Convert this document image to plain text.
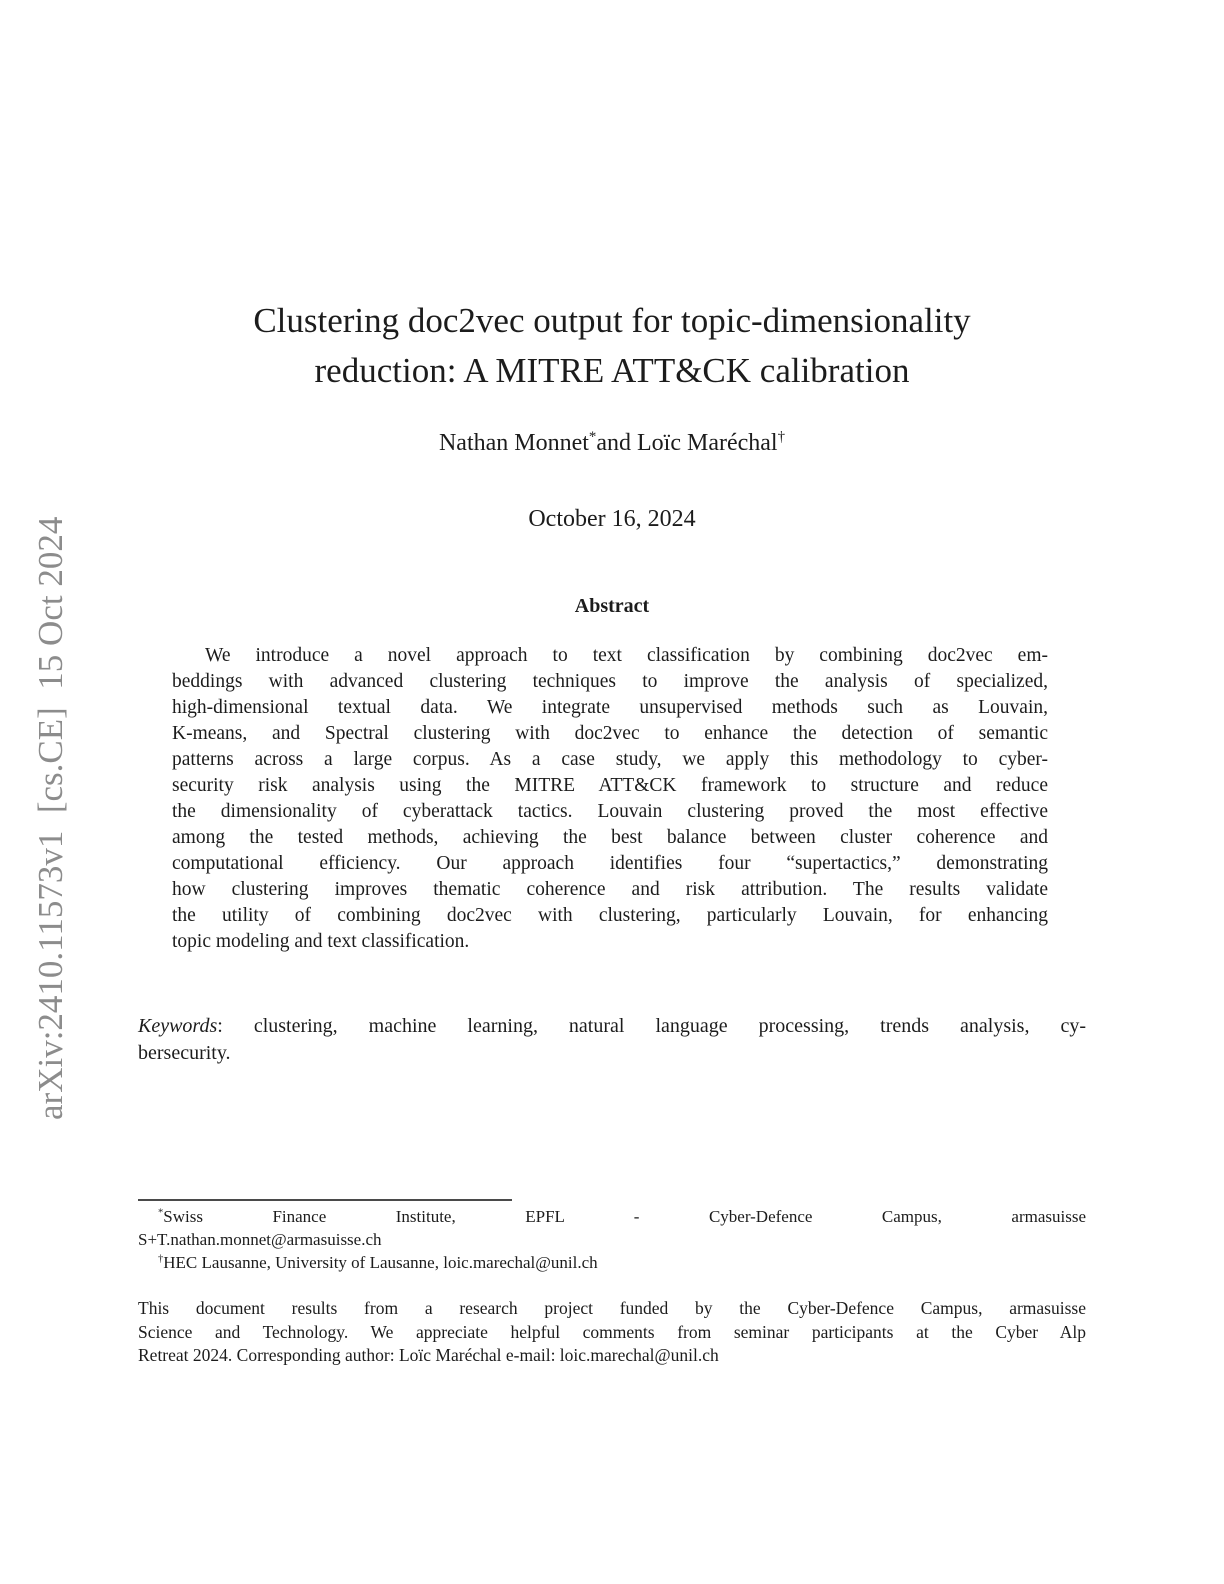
arXiv:2410.11573v1  [cs.CE]  15 Oct 2024
Clustering doc2vec output for topic-dimensionality
reduction: A MITRE ATT&CK calibration
Nathan Monnet*and Loïc Maréchal†
October 16, 2024
Abstract
We introduce a novel approach to text classification by combining doc2vec em-
beddings with advanced clustering techniques to improve the analysis of specialized,
high-dimensional textual data. We integrate unsupervised methods such as Louvain,
K-means, and Spectral clustering with doc2vec to enhance the detection of semantic
patterns across a large corpus. As a case study, we apply this methodology to cyber-
security risk analysis using the MITRE ATT&CK framework to structure and reduce
the dimensionality of cyberattack tactics. Louvain clustering proved the most effective
among the tested methods, achieving the best balance between cluster coherence and
computational efficiency. Our approach identifies four “supertactics,” demonstrating
how clustering improves thematic coherence and risk attribution. The results validate
the utility of combining doc2vec with clustering, particularly Louvain, for enhancing
topic modeling and text classification.
Keywords: clustering, machine learning, natural language processing, trends analysis, cy-
bersecurity.
*Swiss Finance Institute, EPFL - Cyber-Defence Campus, armasuisse
S+T.nathan.monnet@armasuisse.ch
†HEC Lausanne, University of Lausanne, loic.marechal@unil.ch
This document results from a research project funded by the Cyber-Defence Campus, armasuisse
Science and Technology. We appreciate helpful comments from seminar participants at the Cyber Alp
Retreat 2024. Corresponding author: Loïc Maréchal e-mail: loic.marechal@unil.ch
